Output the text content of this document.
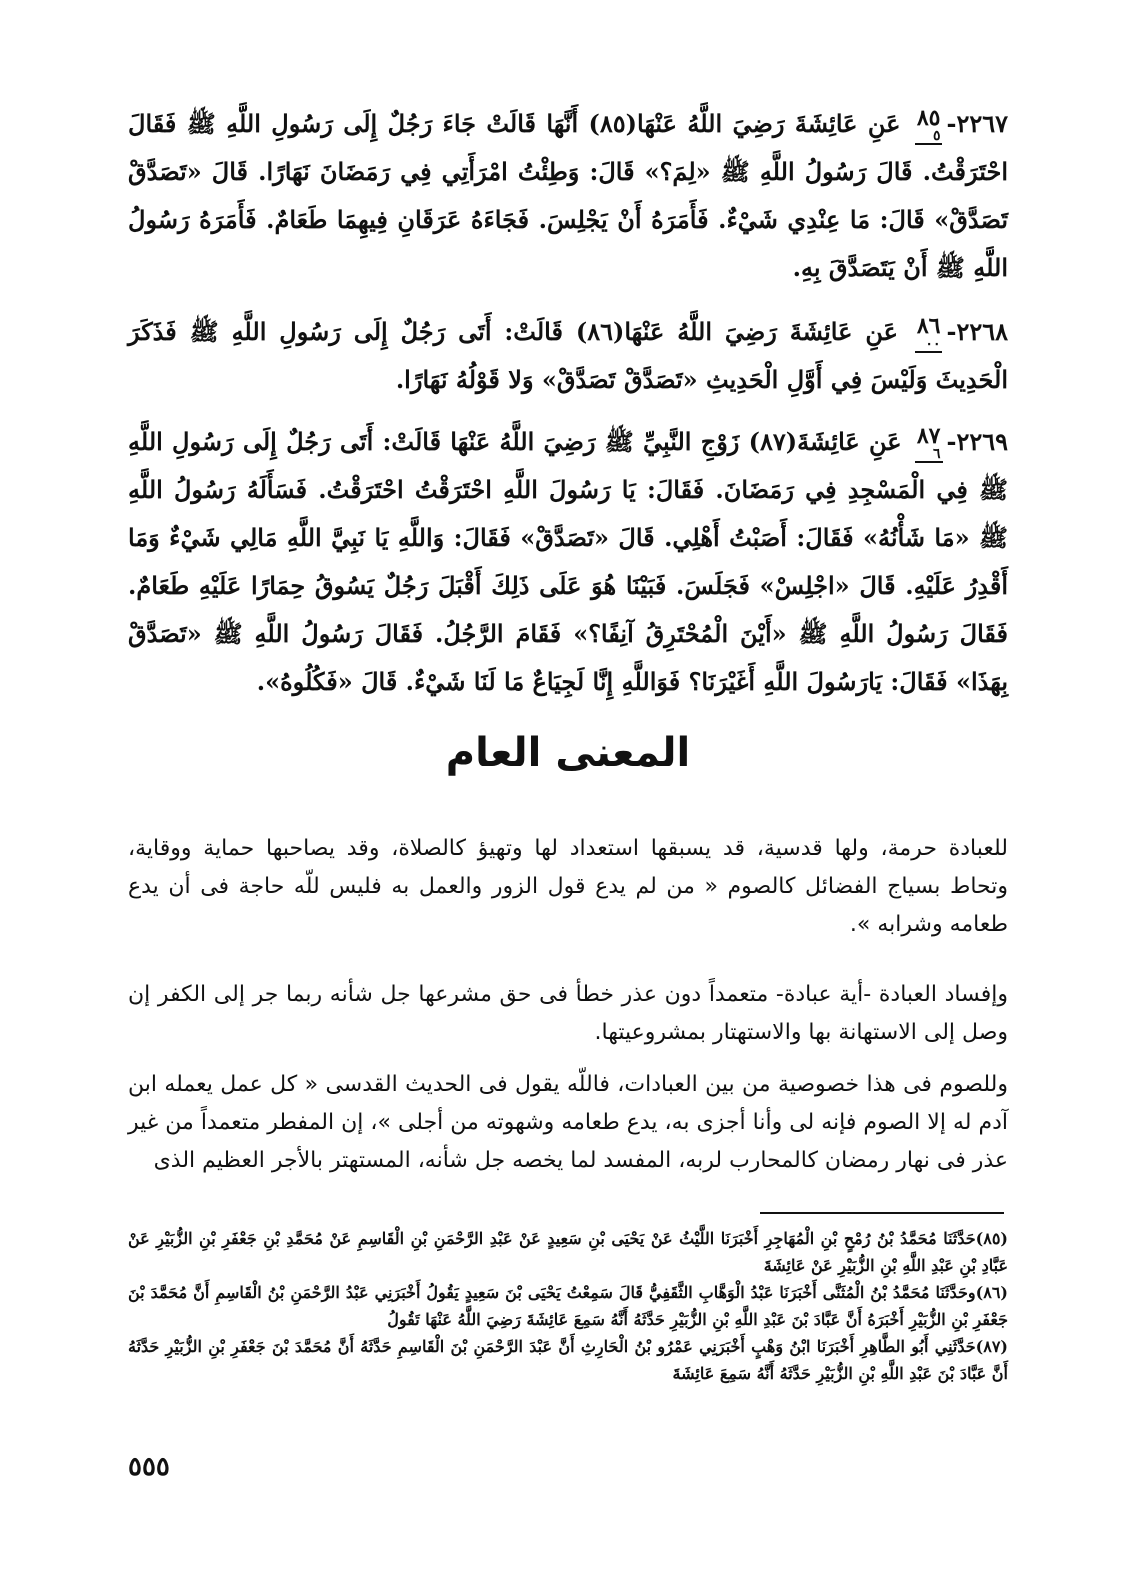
٢٢٦٧-٨٥
٥
عَنِ عَائِشَةَ رَضِيَ اللَّهُ عَنْهَا(٨٥) أَنَّهَا قَالَتْ جَاءَ رَجُلٌ إِلَى رَسُولِ اللَّهِ ﷺ فَقَالَ احْتَرَقْتُ. قَالَ رَسُولُ اللَّهِ ﷺ «لِمَ؟» قَالَ: وَطِئْتُ امْرَأَتِي فِي رَمَضَانَ نَهَارًا. قَالَ «تَصَدَّقْ تَصَدَّقْ» قَالَ: مَا عِنْدِي شَيْءٌ. فَأَمَرَهُ أَنْ يَجْلِسَ. فَجَاءَهُ عَرَقَانِ فِيهِمَا طَعَامٌ. فَأَمَرَهُ رَسُولُ اللَّهِ ﷺ أَنْ يَتَصَدَّقَ بِهِ.

٢٢٦٨-٨٦
٠٠
عَنِ عَائِشَةَ رَضِيَ اللَّهُ عَنْهَا(٨٦) قَالَتْ: أَتَى رَجُلٌ إِلَى رَسُولِ اللَّهِ ﷺ فَذَكَرَ الْحَدِيثَ وَلَيْسَ فِي أَوَّلِ الْحَدِيثِ «تَصَدَّقْ تَصَدَّقْ» وَلا قَوْلُهُ نَهَارًا.

٢٢٦٩-٨٧
٦
عَنِ عَائِشَةَ(٨٧) زَوْجِ النَّبِيِّ ﷺ رَضِيَ اللَّهُ عَنْهَا قَالَتْ: أَتَى رَجُلٌ إِلَى رَسُولِ اللَّهِ ﷺ فِي الْمَسْجِدِ فِي رَمَضَانَ. فَقَالَ: يَا رَسُولَ اللَّهِ احْتَرَقْتُ احْتَرَقْتُ. فَسَأَلَهُ رَسُولُ اللَّهِ ﷺ «مَا شَأْنُهُ» فَقَالَ: أَصَبْتُ أَهْلِي. قَالَ «تَصَدَّقْ» فَقَالَ: وَاللَّهِ يَا نَبِيَّ اللَّهِ مَالِي شَيْءٌ وَمَا أَقْدِرُ عَلَيْهِ. قَالَ «اجْلِسْ» فَجَلَسَ. فَبَيْنَا هُوَ عَلَى ذَلِكَ أَقْبَلَ رَجُلٌ يَسُوقُ حِمَارًا عَلَيْهِ طَعَامٌ. فَقَالَ رَسُولُ اللَّهِ ﷺ «أَيْنَ الْمُحْتَرِقُ آنِفًا؟» فَقَامَ الرَّجُلُ. فَقَالَ رَسُولُ اللَّهِ ﷺ «تَصَدَّقْ بِهَذَا» فَقَالَ: يَارَسُولَ اللَّهِ أَغَيْرَنَا؟ فَوَاللَّهِ إِنَّا لَجِيَاعٌ مَا لَنَا شَيْءٌ. قَالَ «فَكُلُوهُ».

المعنى العام

للعبادة حرمة، ولها قدسية، قد يسبقها استعداد لها وتهيؤ كالصلاة، وقد يصاحبها حماية ووقاية، وتحاط بسياج الفضائل كالصوم « من لم يدع قول الزور والعمل به فليس للّه حاجة فى أن يدع طعامه وشرابه ».

وإفساد العبادة -أية عبادة- متعمداً دون عذر خطأ فى حق مشرعها جل شأنه ربما جر إلى الكفر إن وصل إلى الاستهانة بها والاستهتار بمشروعيتها.

وللصوم فى هذا خصوصية من بين العبادات، فاللّه يقول فى الحديث القدسى « كل عمل يعمله ابن آدم له إلا الصوم فإنه لى وأنا أجزى به، يدع طعامه وشهوته من أجلى »، إن المفطر متعمداً من غير عذر فى نهار رمضان كالمحارب لربه، المفسد لما يخصه جل شأنه، المستهتر بالأجر العظيم الذى

(٨٥)حَدَّثَنَا مُحَمَّدُ بْنُ رُمْحٍ بْنِ الْمُهَاجِرِ أَخْبَرَنَا اللَّيْثُ عَنْ يَحْيَى بْنِ سَعِيدٍ عَنْ عَبْدِ الرَّحْمَنِ بْنِ الْقَاسِمِ عَنْ مُحَمَّدِ بْنِ جَعْفَرِ بْنِ الزُّبَيْرِ عَنْ عَبَّادِ بْنِ عَبْدِ اللَّهِ بْنِ الزُّبَيْرِ عَنْ عَائِشَةَ

(٨٦)وحَدَّثَنَا مُحَمَّدُ بْنُ الْمُثَنَّى أَخْبَرَنَا عَبْدُ الْوَهَّابِ الثَّقَفِيُّ قَالَ سَمِعْتُ يَحْيَى بْنَ سَعِيدٍ يَقُولُ أَخْبَرَنِي عَبْدُ الرَّحْمَنِ بْنُ الْقَاسِمِ أَنَّ مُحَمَّدَ بْنَ جَعْفَرِ بْنِ الزُّبَيْرِ أَخْبَرَهُ أَنَّ عَبَّادَ بْنَ عَبْدِ اللَّهِ بْنِ الزُّبَيْرِ حَدَّثَهُ أَنَّهُ سَمِعَ عَائِشَةَ رَضِيَ اللَّهُ عَنْهَا تَقُولُ

(٨٧)حَدَّثَنِي أَبُو الطَّاهِرِ أَخْبَرَنَا ابْنُ وَهْبٍ أَخْبَرَنِي عَمْرُو بْنُ الْحَارِثِ أَنَّ عَبْدَ الرَّحْمَنِ بْنَ الْقَاسِمِ حَدَّثَهُ أَنَّ مُحَمَّدَ بْنَ جَعْفَرِ بْنِ الزُّبَيْرِ حَدَّثَهُ أَنَّ عَبَّادَ بْنَ عَبْدِ اللَّهِ بْنِ الزُّبَيْرِ حَدَّثَهُ أَنَّهُ سَمِعَ عَائِشَةَ

٥٥٥
